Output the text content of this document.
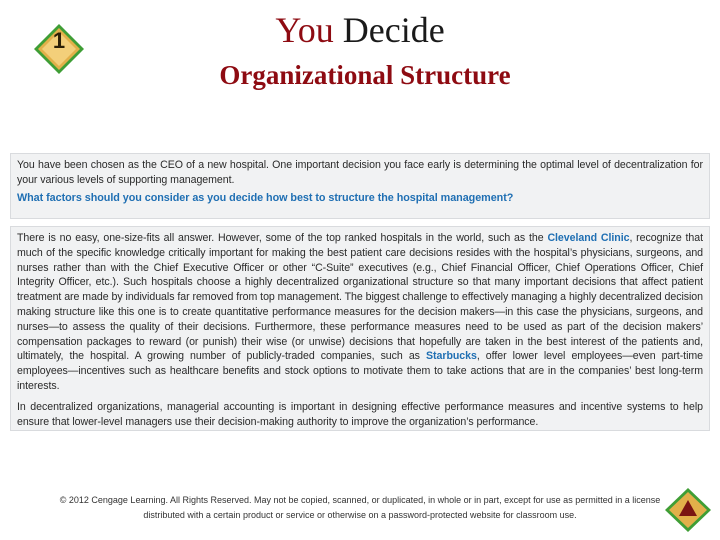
1	You Decide
Organizational Structure

You have been chosen as the CEO of a new hospital. One important decision you face early is determining the optimal level of decentralization for your various levels of supporting management.

What factors should you consider as you decide how best to structure the hospital management?

There is no easy, one-size-fits all answer. However, some of the top ranked hospitals in the world, such as the Cleveland Clinic, recognize that much of the specific knowledge critically important for making the best patient care decisions resides with the hospital’s physicians, surgeons, and nurses rather than with the Chief Executive Officer or other “C-Suite” executives (e.g., Chief Financial Officer, Chief Operations Officer, Chief Integrity Officer, etc.). Such hospitals choose a highly decentralized organizational structure so that many important decisions that affect patient treatment are made by individuals far removed from top management. The biggest challenge to effectively managing a highly decentralized decision making structure like this one is to create quantitative performance measures for the decision makers—in this case the physicians, surgeons, and nurses—to assess the quality of their decisions. Furthermore, these performance measures need to be used as part of the decision makers’ compensation packages to reward (or punish) their wise (or unwise) decisions that hopefully are taken in the best interest of the patients and, ultimately, the hospital. A growing number of publicly-traded companies, such as Starbucks, offer lower level employees—even part-time employees—incentives such as healthcare benefits and stock options to motivate them to take actions that are in the companies’ best long-term interests.

In decentralized organizations, managerial accounting is important in designing effective performance measures and incentive systems to help ensure that lower-level managers use their decision-making authority to improve the organization’s performance.

© 2012 Cengage Learning. All Rights Reserved. May not be copied, scanned, or duplicated, in whole or in part, except for use as permitted in a license
distributed with a certain product or service or otherwise on a password-protected website for classroom use.
